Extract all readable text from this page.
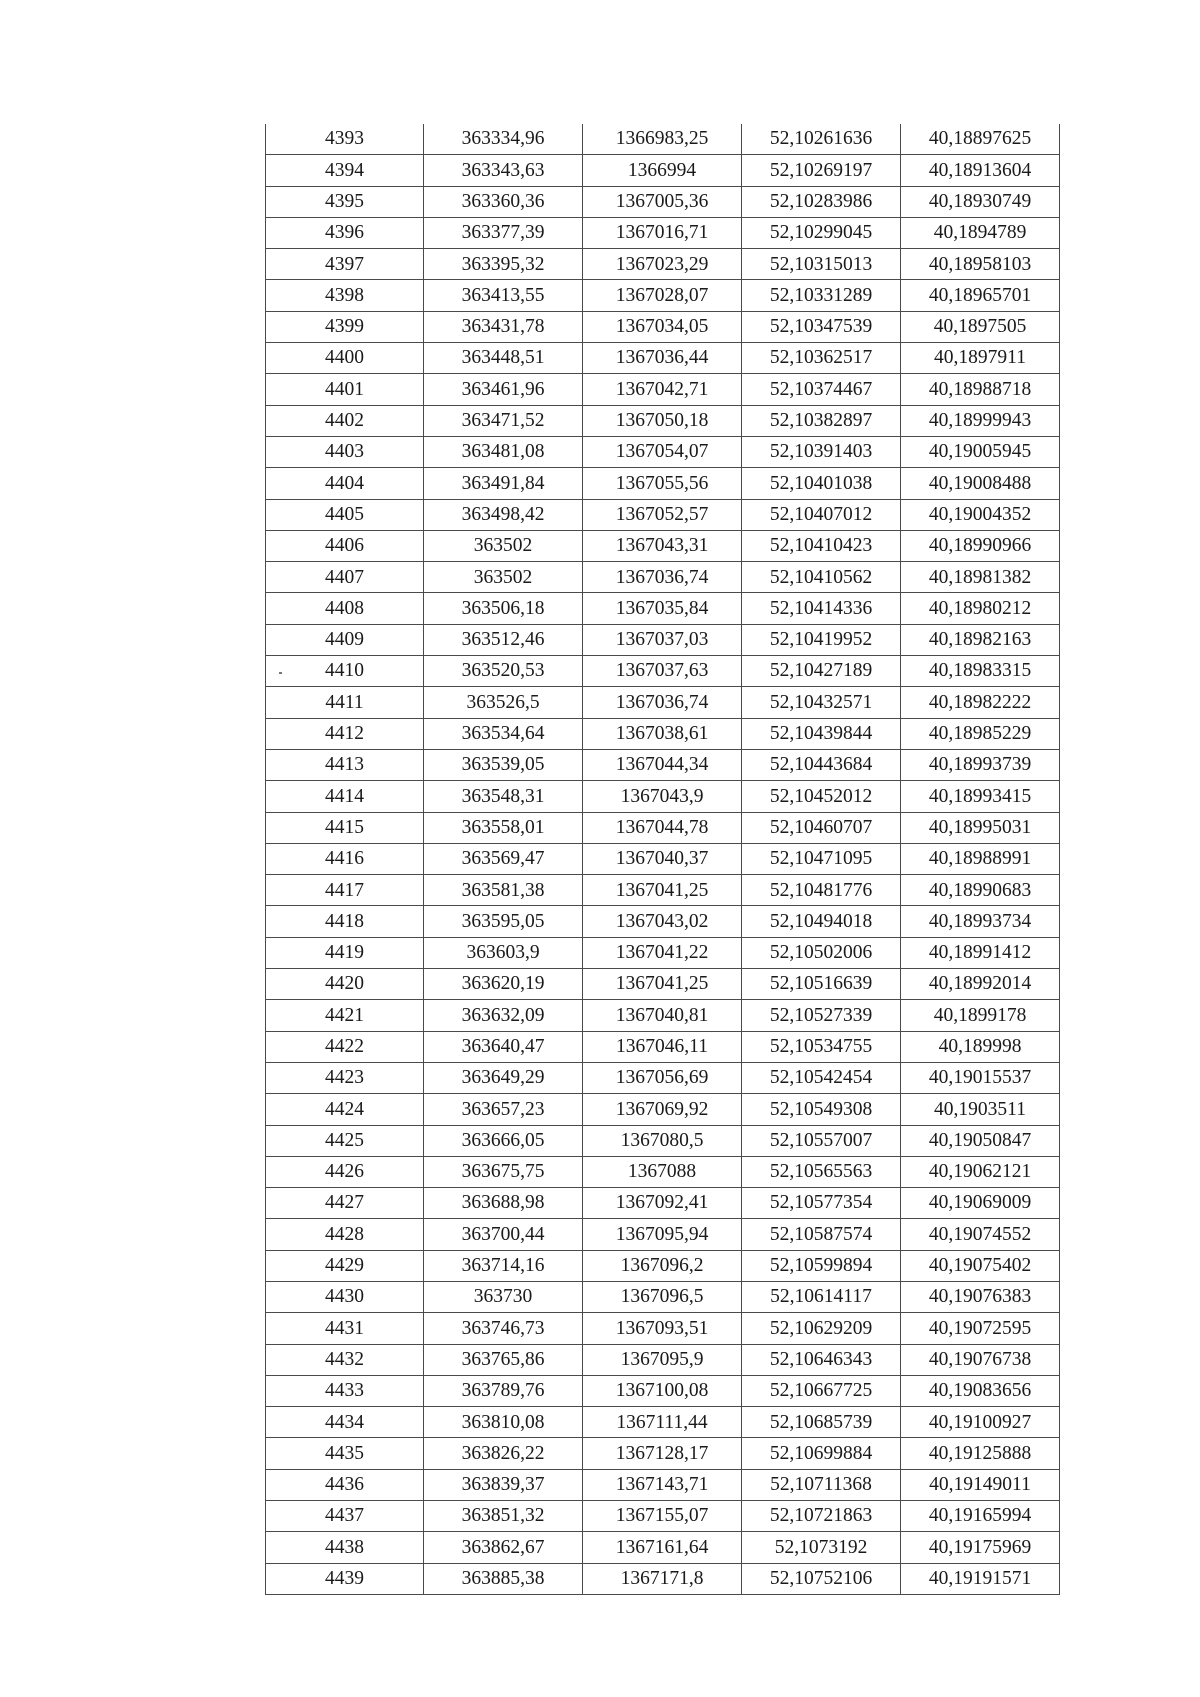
4393	363334,96	1366983,25	52,10261636	40,18897625
4394	363343,63	1366994	52,10269197	40,18913604
4395	363360,36	1367005,36	52,10283986	40,18930749
4396	363377,39	1367016,71	52,10299045	40,1894789
4397	363395,32	1367023,29	52,10315013	40,18958103
4398	363413,55	1367028,07	52,10331289	40,18965701
4399	363431,78	1367034,05	52,10347539	40,1897505
4400	363448,51	1367036,44	52,10362517	40,1897911
4401	363461,96	1367042,71	52,10374467	40,18988718
4402	363471,52	1367050,18	52,10382897	40,18999943
4403	363481,08	1367054,07	52,10391403	40,19005945
4404	363491,84	1367055,56	52,10401038	40,19008488
4405	363498,42	1367052,57	52,10407012	40,19004352
4406	363502	1367043,31	52,10410423	40,18990966
4407	363502	1367036,74	52,10410562	40,18981382
4408	363506,18	1367035,84	52,10414336	40,18980212
4409	363512,46	1367037,03	52,10419952	40,18982163
4410	363520,53	1367037,63	52,10427189	40,18983315
4411	363526,5	1367036,74	52,10432571	40,18982222
4412	363534,64	1367038,61	52,10439844	40,18985229
4413	363539,05	1367044,34	52,10443684	40,18993739
4414	363548,31	1367043,9	52,10452012	40,18993415
4415	363558,01	1367044,78	52,10460707	40,18995031
4416	363569,47	1367040,37	52,10471095	40,18988991
4417	363581,38	1367041,25	52,10481776	40,18990683
4418	363595,05	1367043,02	52,10494018	40,18993734
4419	363603,9	1367041,22	52,10502006	40,18991412
4420	363620,19	1367041,25	52,10516639	40,18992014
4421	363632,09	1367040,81	52,10527339	40,1899178
4422	363640,47	1367046,11	52,10534755	40,189998
4423	363649,29	1367056,69	52,10542454	40,19015537
4424	363657,23	1367069,92	52,10549308	40,1903511
4425	363666,05	1367080,5	52,10557007	40,19050847
4426	363675,75	1367088	52,10565563	40,19062121
4427	363688,98	1367092,41	52,10577354	40,19069009
4428	363700,44	1367095,94	52,10587574	40,19074552
4429	363714,16	1367096,2	52,10599894	40,19075402
4430	363730	1367096,5	52,10614117	40,19076383
4431	363746,73	1367093,51	52,10629209	40,19072595
4432	363765,86	1367095,9	52,10646343	40,19076738
4433	363789,76	1367100,08	52,10667725	40,19083656
4434	363810,08	1367111,44	52,10685739	40,19100927
4435	363826,22	1367128,17	52,10699884	40,19125888
4436	363839,37	1367143,71	52,10711368	40,19149011
4437	363851,32	1367155,07	52,10721863	40,19165994
4438	363862,67	1367161,64	52,1073192	40,19175969
4439	363885,38	1367171,8	52,10752106	40,19191571
